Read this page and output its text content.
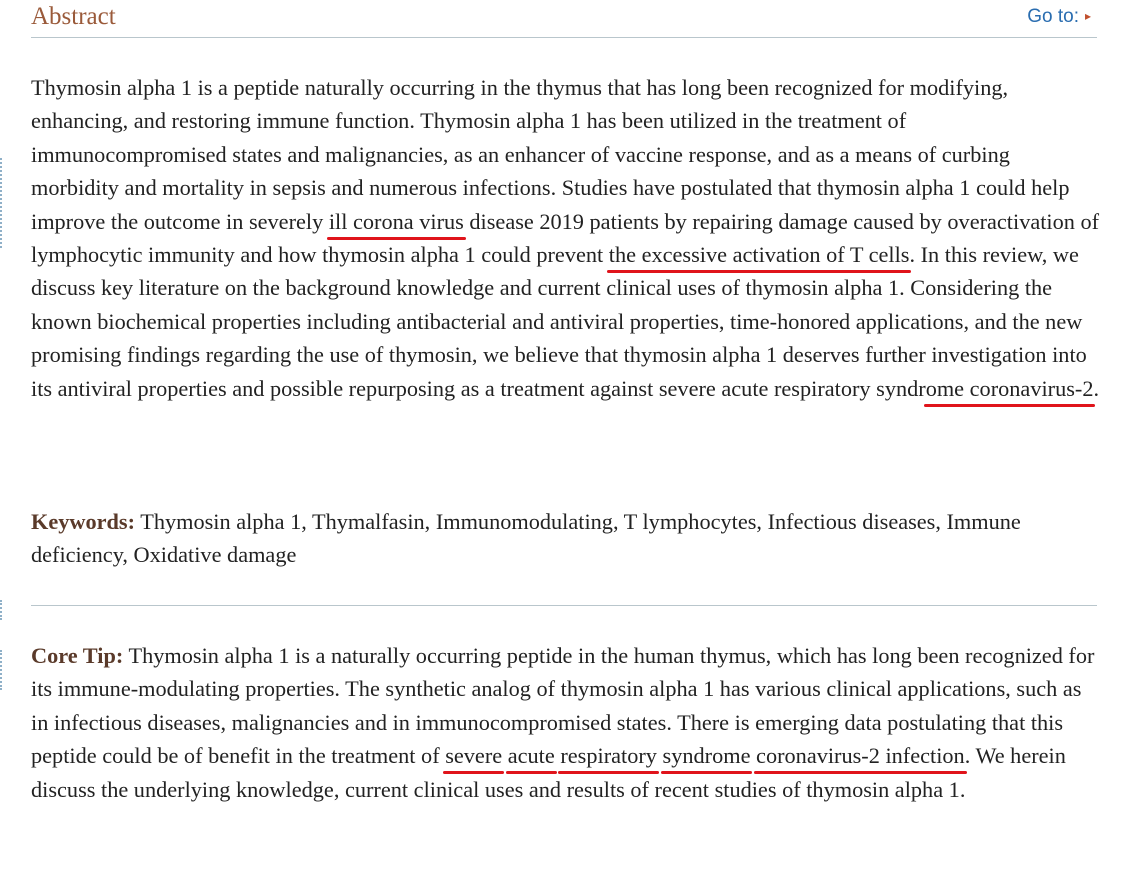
Abstract	Go to: ▸

Thymosin alpha 1 is a peptide naturally occurring in the thymus that has long been recognized for modifying, enhancing, and restoring immune function. Thymosin alpha 1 has been utilized in the treatment of immunocompromised states and malignancies, as an enhancer of vaccine response, and as a means of curbing morbidity and mortality in sepsis and numerous infections. Studies have postulated that thymosin alpha 1 could help improve the outcome in severely ill corona virus disease 2019 patients by repairing damage caused by overactivation of lymphocytic immunity and how thymosin alpha 1 could prevent the excessive activation of T cells. In this review, we discuss key literature on the background knowledge and current clinical uses of thymosin alpha 1. Considering the known biochemical properties including antibacterial and antiviral properties, time-honored applications, and the new promising findings regarding the use of thymosin, we believe that thymosin alpha 1 deserves further investigation into its antiviral properties and possible repurposing as a treatment against severe acute respiratory syndrome coronavirus-2.

Keywords: Thymosin alpha 1, Thymalfasin, Immunomodulating, T lymphocytes, Infectious diseases, Immune deficiency, Oxidative damage

Core Tip: Thymosin alpha 1 is a naturally occurring peptide in the human thymus, which has long been recognized for its immune-modulating properties. The synthetic analog of thymosin alpha 1 has various clinical applications, such as in infectious diseases, malignancies and in immunocompromised states. There is emerging data postulating that this peptide could be of benefit in the treatment of severe acute respiratory syndrome coronavirus-2 infection. We herein discuss the underlying knowledge, current clinical uses and results of recent studies of thymosin alpha 1.
